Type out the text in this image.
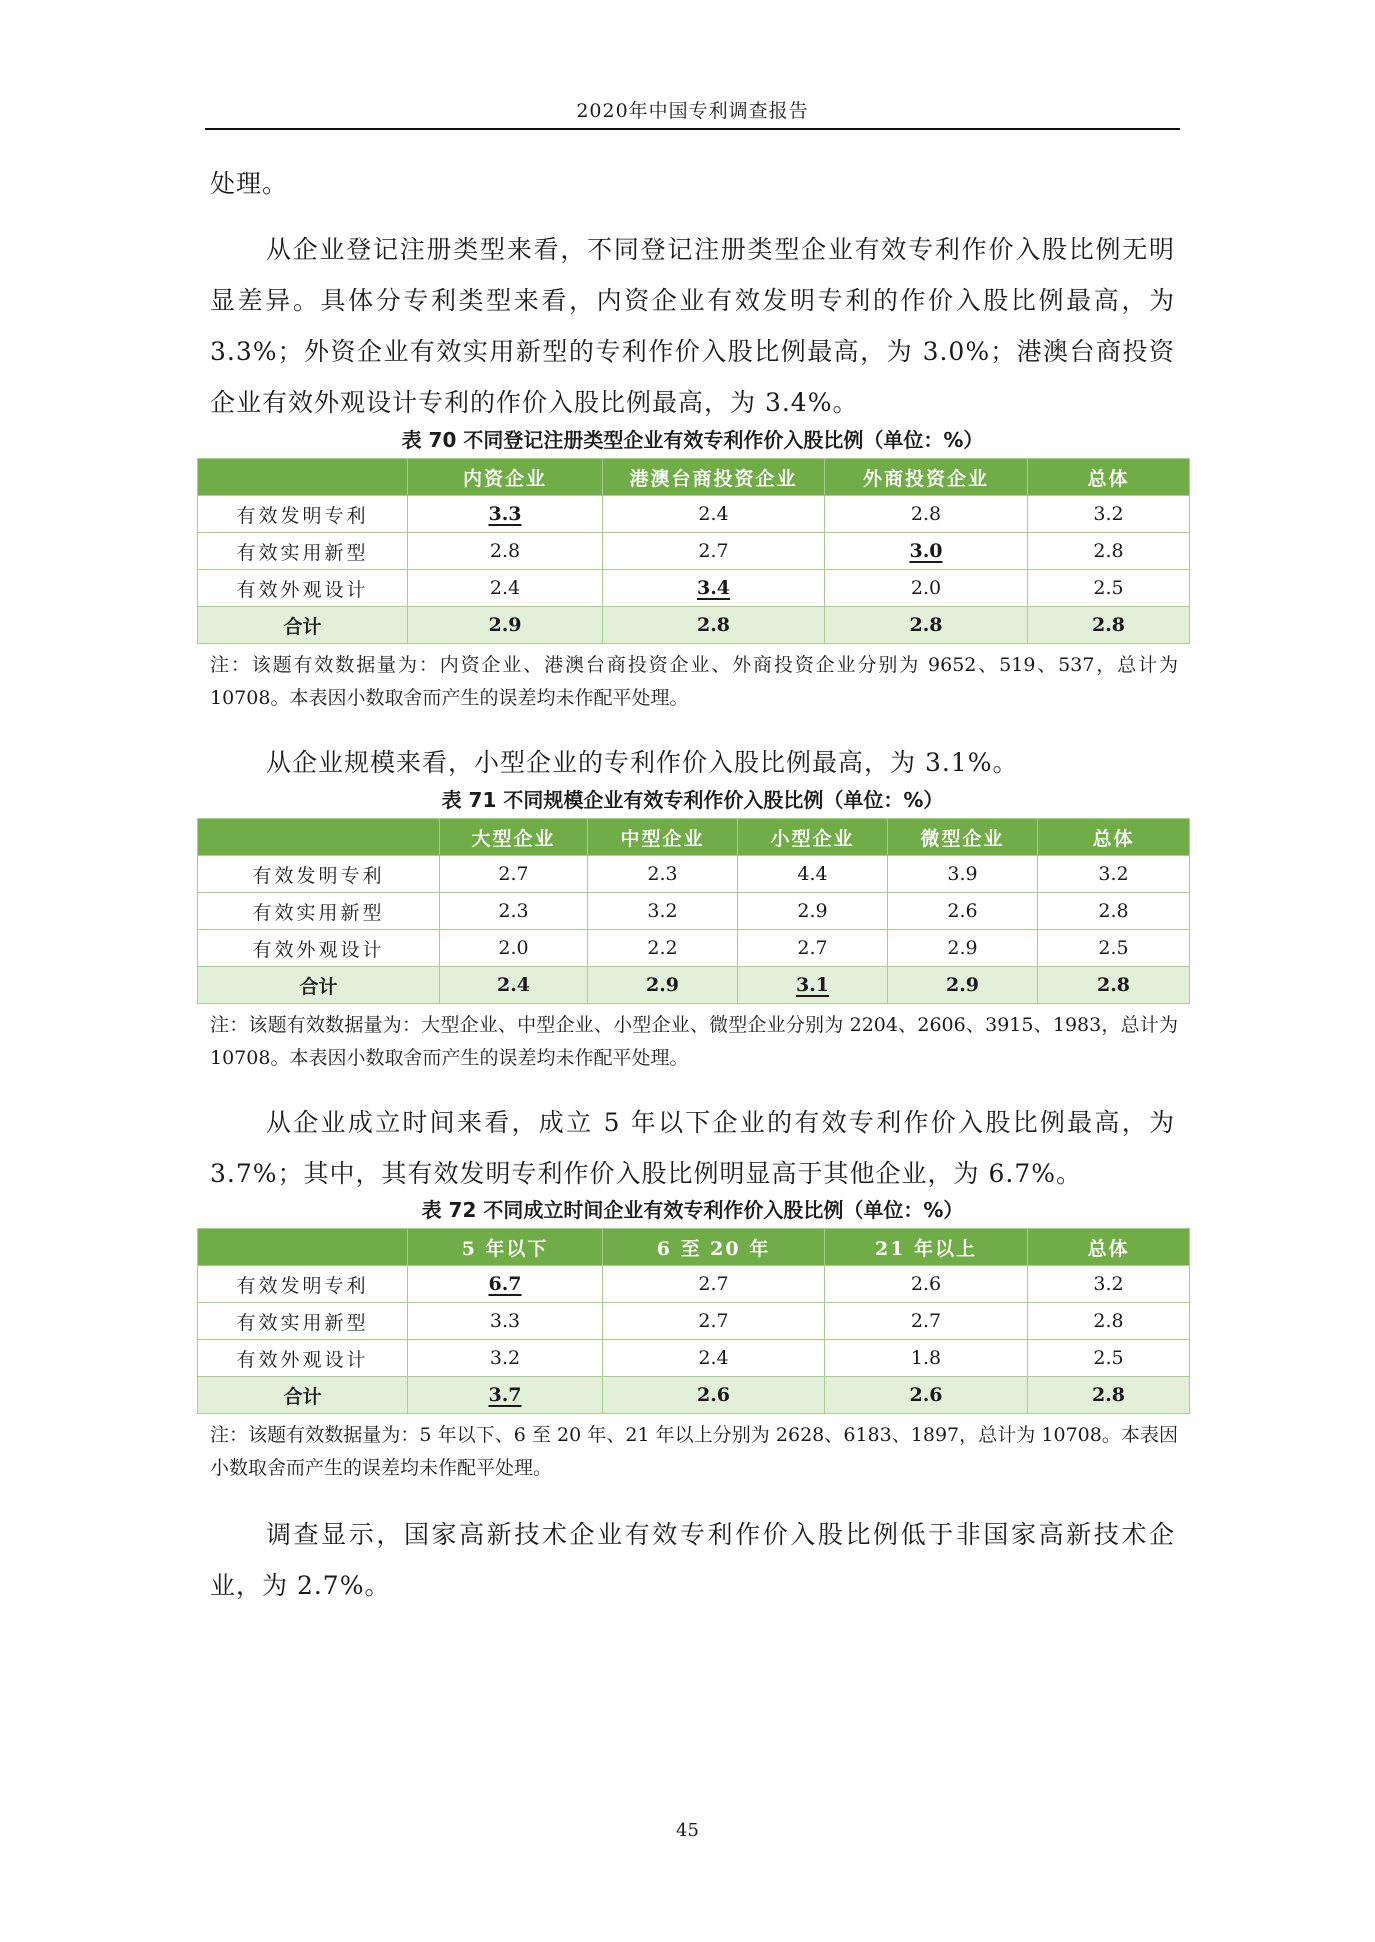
2020年中国专利调查报告

处理。

从企业登记注册类型来看，不同登记注册类型企业有效专利作价入股比例无明显差异。具体分专利类型来看，内资企业有效发明专利的作价入股比例最高，为 3.3%；外资企业有效实用新型的专利作价入股比例最高，为 3.0%；港澳台商投资企业有效外观设计专利的作价入股比例最高，为 3.4%。

表 70 不同登记注册类型企业有效专利作价入股比例（单位：%）
	内资企业	港澳台商投资企业	外商投资企业	总体
有效发明专利	3.3	2.4	2.8	3.2
有效实用新型	2.8	2.7	3.0	2.8
有效外观设计	2.4	3.4	2.0	2.5
合计	2.9	2.8	2.8	2.8

注：该题有效数据量为：内资企业、港澳台商投资企业、外商投资企业分别为 9652、519、537，总计为 10708。本表因小数取舍而产生的误差均未作配平处理。

从企业规模来看，小型企业的专利作价入股比例最高，为 3.1%。

表 71 不同规模企业有效专利作价入股比例（单位：%）
	大型企业	中型企业	小型企业	微型企业	总体
有效发明专利	2.7	2.3	4.4	3.9	3.2
有效实用新型	2.3	3.2	2.9	2.6	2.8
有效外观设计	2.0	2.2	2.7	2.9	2.5
合计	2.4	2.9	3.1	2.9	2.8

注：该题有效数据量为：大型企业、中型企业、小型企业、微型企业分别为 2204、2606、3915、1983，总计为 10708。本表因小数取舍而产生的误差均未作配平处理。

从企业成立时间来看，成立 5 年以下企业的有效专利作价入股比例最高，为 3.7%；其中，其有效发明专利作价入股比例明显高于其他企业，为 6.7%。

表 72 不同成立时间企业有效专利作价入股比例（单位：%）
	5 年以下	6 至 20 年	21 年以上	总体
有效发明专利	6.7	2.7	2.6	3.2
有效实用新型	3.3	2.7	2.7	2.8
有效外观设计	3.2	2.4	1.8	2.5
合计	3.7	2.6	2.6	2.8

注：该题有效数据量为：5 年以下、6 至 20 年、21 年以上分别为 2628、6183、1897，总计为 10708。本表因小数取舍而产生的误差均未作配平处理。

调查显示，国家高新技术企业有效专利作价入股比例低于非国家高新技术企业，为 2.7%。

45
